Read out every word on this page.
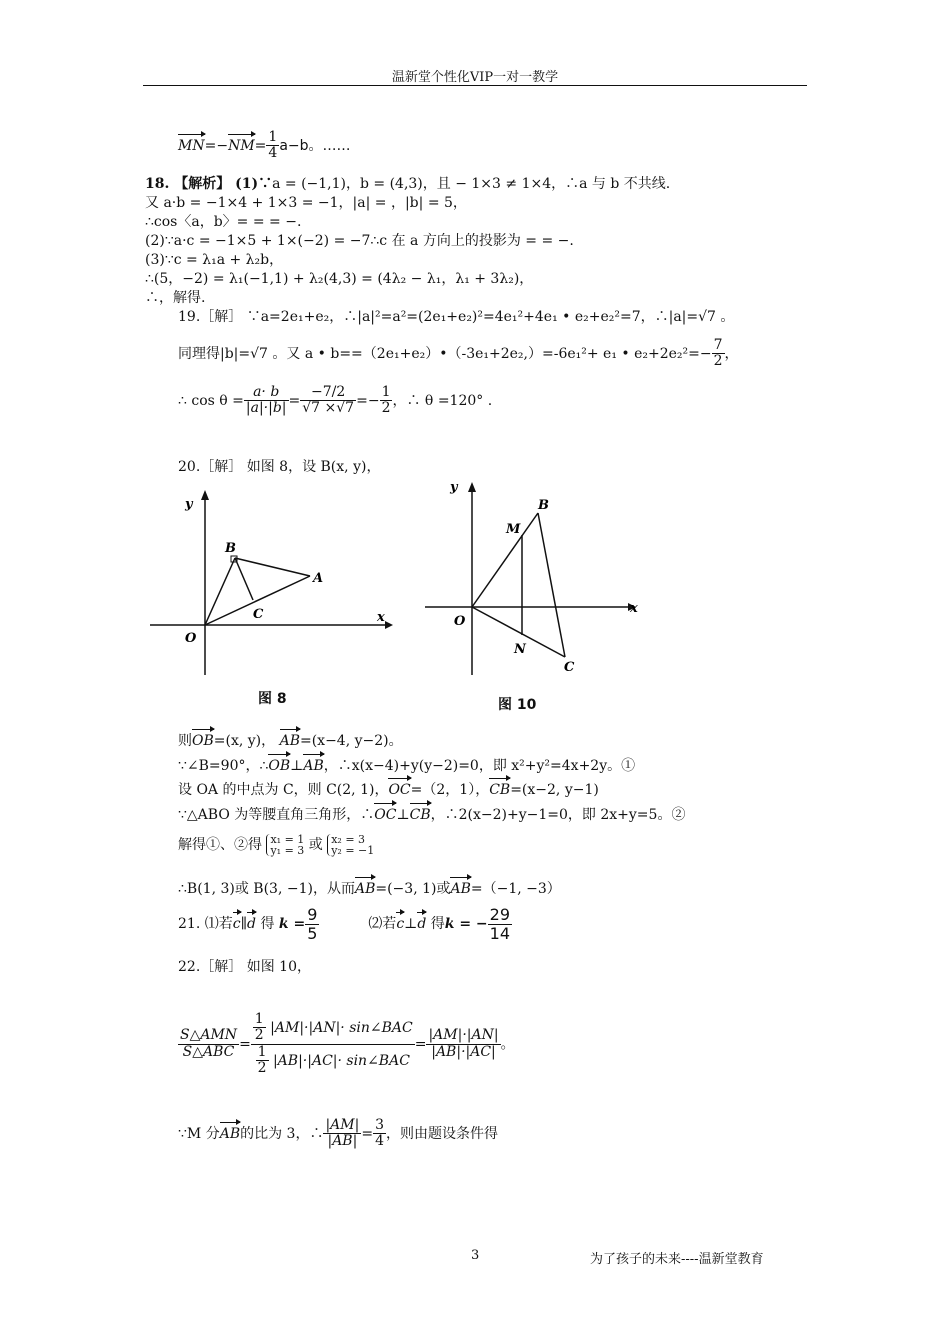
温新堂个性化VIP一对一教学
$MN=-NM= \frac{1}{4} a-b$。……
18. 【解析】 (1)∵a = (−1,1)，b = (4,3)，且 − 1×3 ≠ 1×4，∴a 与 b 不共线.
又 a·b = −1×4 + 1×3 = −1，|a| = ，|b| = 5，
∴cos〈a，b〉= = = −.
(2)∵a·c = −1×5 + 1×(−2) = −7∴c 在 a 方向上的投影为 = = −.
(3)∵c = λ₁a + λ₂b，
∴(5，−2) = λ₁(−1,1) + λ₂(4,3) = (4λ₂ − λ₁，λ₁ + 3λ₂)，
∴，解得.
19.［解］ ∵a=2e₁+e₂，∴|a|²=a²=(2e₁+e₂)²=4e₁²+4e₁ • e₂+e₂²=7，∴|a|=√7 。
同理得|b|=√7 。又 a • b==（2e₁+e₂）•（-3e₁+2e₂,）=-6e₁²+ e₁ • $e_2+2e_2^2=- \frac{7}{2}$ ，
∴ $\cos \theta = \frac{a\cdot b}{|a|\cdot|b|} = \frac{-7/2}{√7 \times√7} =- \frac{1}{2}$ ，∴ θ =120° .
20.［解］ 如图 8，设 B(x, y)，
y
x
O
B
A
C
图 8
y
x
O
B
M
N
C
图 10
则OB=(x, y)， AB=(x−4, y−2)。
∵∠B=90°，∴OB⊥AB，∴x(x−4)+y(y−2)=0，即 x²+y²=4x+2y。①
设 OA 的中点为 C，则 C(2, 1)，OC=（2，1），CB=(x−2, y−1)
∵△ABO 为等腰直角三角形，∴OC⊥CB，∴2(x−2)+y−1=0，即 2x+y=5。②
解得①、②得 x₁ = 1
y₁ = 3 或 x₂ = 3
y₂ = −1
∴B(1, 3)或 B(3, −1)，从而AB=(−3, 1)或AB=（−1, −3）
21. ⑴若c∥d 得 $k = \frac{9}{5}$	⑵若c⊥d 得k = − $\frac{29}{14}$
22.［解］ 如图 10，
$\frac{\text{S△AMN}}{\text{S△ABC}} = \frac{\frac{1}{2} |AM|\cdot|AN|\cdot \sin\angle BAC}{\frac{1}{2} |AB|\cdot|AC|\cdot \sin\angle BAC} = \frac{|AM|\cdot|AN|}{|AB|\cdot|AC|}$ 。
∵M 分AB的比为 3，∴ $\frac{|AM|}{|AB|} = \frac{3}{4}$ ，则由题设条件得
3	为了孩子的未来----温新堂教育
